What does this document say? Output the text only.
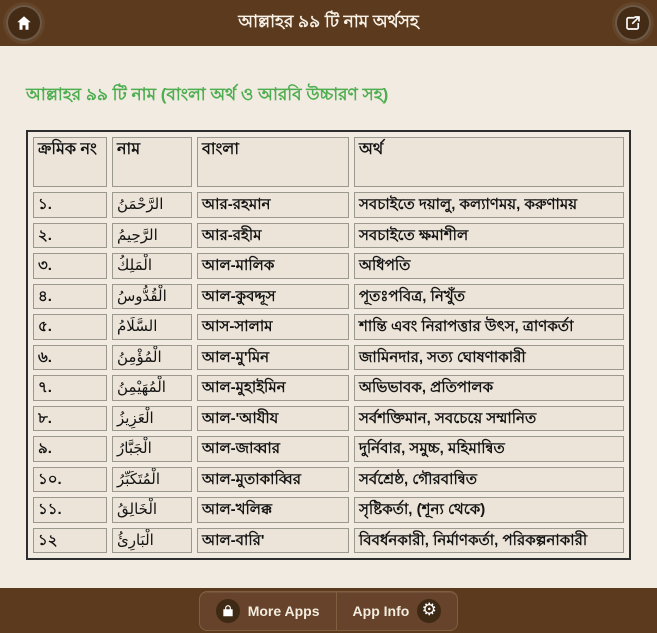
আল্লাহর ৯৯ টি নাম অর্থসহ
আল্লাহর ৯৯ টি নাম (বাংলা অর্থ ও আরবি উচ্চারণ সহ)
ক্রমিক নং	নাম	বাংলা	অর্থ
১.	الرَّحْمَنُ	আর-রহমান	সবচাইতে দয়ালু, কল্যাণময়, করুণাময়
২.	الرَّحِيمُ	আর-রহীম	সবচাইতে ক্ষমাশীল
৩.	الْمَلِكُ	আল-মালিক	অধিপতি
৪.	الْقُدُّوسُ	আল-কুবদ্দূস	পূতঃপবিত্র, নিখুঁত
৫.	السَّلَامُ	আস-সালাম	শান্তি এবং নিরাপত্তার উৎস, ত্রাণকর্তা
৬.	الْمُؤْمِنُ	আল-মু'মিন	জামিনদার, সত্য ঘোষণাকারী
৭.	الْمُهَيْمِنُ	আল-মুহাইমিন	অভিভাবক, প্রতিপালক
৮.	الْعَزِيزُ	আল-'আযীয	সর্বশক্তিমান, সবচেয়ে সম্মানিত
৯.	الْجَبَّارُ	আল-জাব্বার	দুর্নিবার, সমুচ্চ, মহিমান্বিত
১০.	الْمُتَكَبِّرُ	আল-মুতাকাব্বির	সর্বশ্রেষ্ঠ, গৌরবান্বিত
১১.	الْخَالِقُ	আল-খলিক্ক	সৃষ্টিকর্তা, (শূন্য থেকে)
১২	الْبَارِئُ	আল-বারি'	বিবর্ধনকারী, নির্মাণকর্তা, পরিকল্পনাকারী
More Apps App Info ⚙
